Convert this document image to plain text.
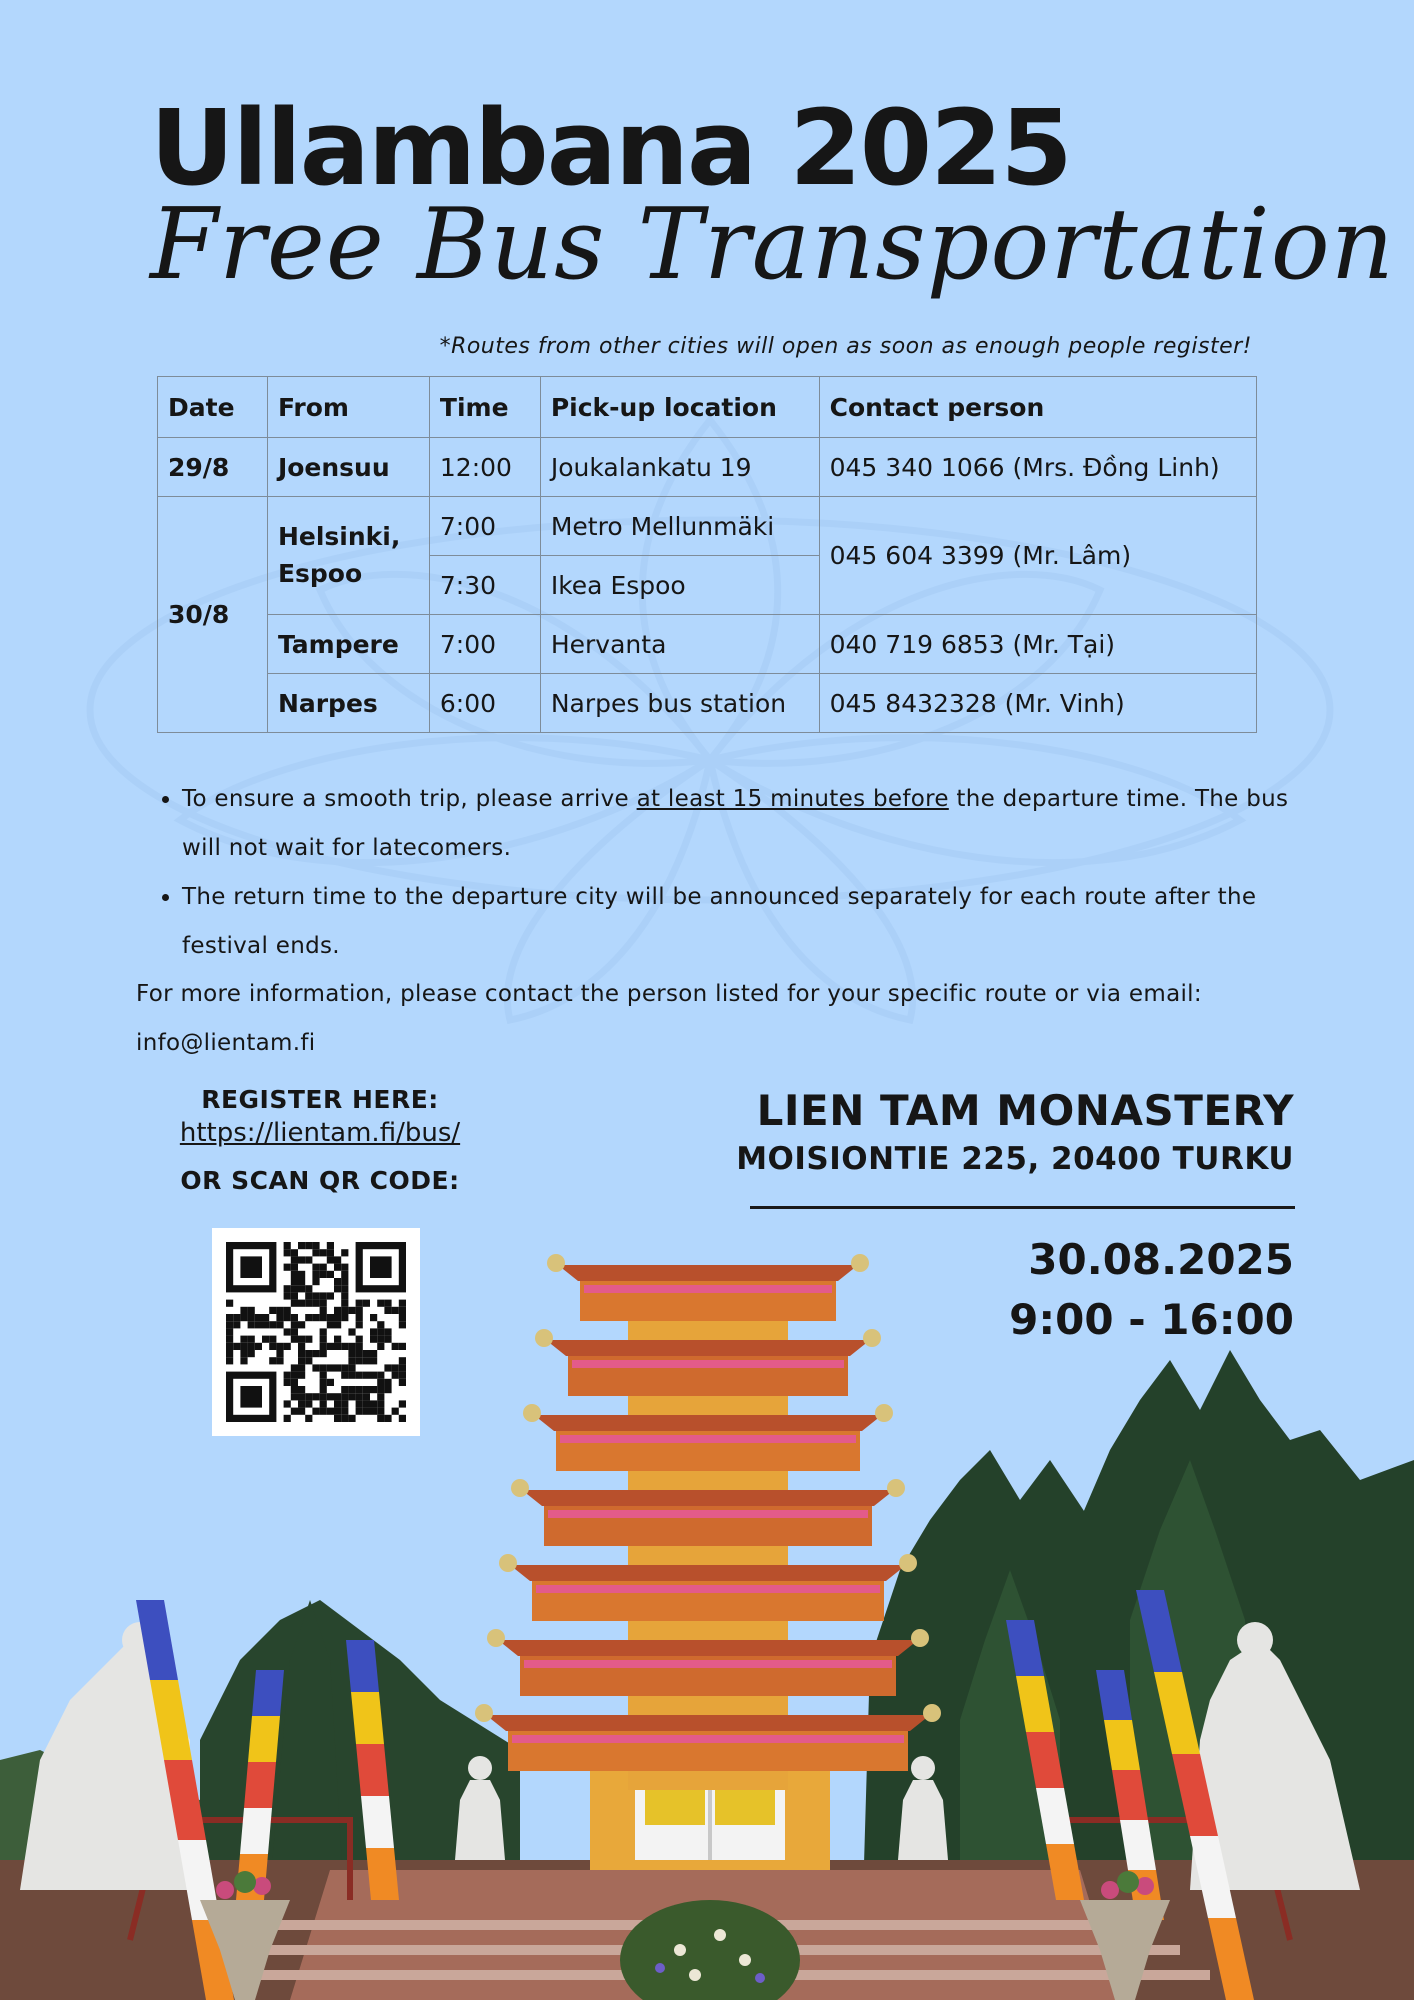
Ullambana 2025
Free Bus Transportation
*Routes from other cities will open as soon as enough people register!
Date	From	Time	Pick-up location	Contact person
29/8	Joensuu	12:00	Joukalankatu 19	045 340 1066 (Mrs. Đồng Linh)
30/8	Helsinki, Espoo	7:00	Metro Mellunmäki	045 604 3399 (Mr. Lâm)
		7:30	Ikea Espoo	
	Tampere	7:00	Hervanta	040 719 6853 (Mr. Tại)
	Narpes	6:00	Narpes bus station	045 8432328 (Mr. Vinh)
• To ensure a smooth trip, please arrive at least 15 minutes before the departure time. The bus will not wait for latecomers.
• The return time to the departure city will be announced separately for each route after the festival ends.
For more information, please contact the person listed for your specific route or via email: info@lientam.fi
REGISTER HERE:
https://lientam.fi/bus/
OR SCAN QR CODE:
LIEN TAM MONASTERY
MOISIONTIE 225, 20400 TURKU
30.08.2025
9:00 - 16:00
